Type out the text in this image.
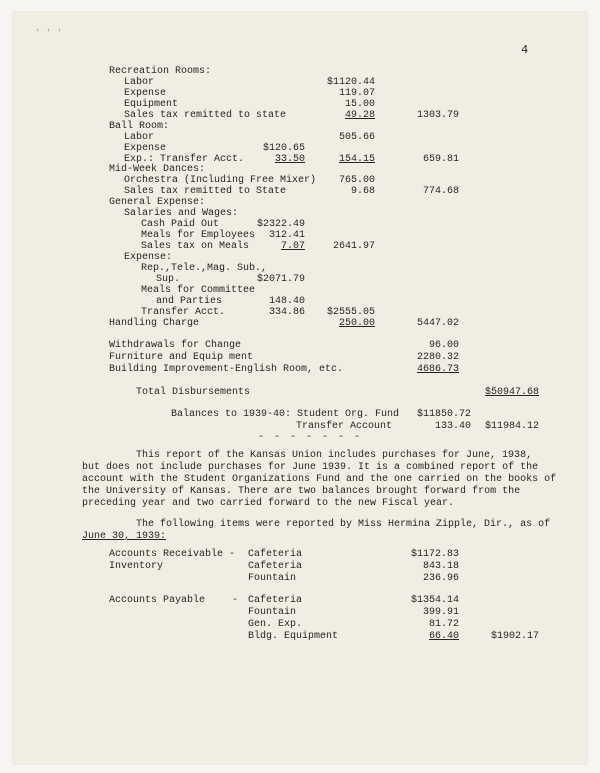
' ' '
4
Recreation Rooms:
Labor	$1120.44
Expense	119.07
Equipment	15.00
Sales tax remitted to state	49.28	1303.79
Ball Room:
Labor	505.66
Expense	$120.65
Exp.: Transfer Acct.	33.50	154.15	659.81
Mid-Week Dances:
Orchestra (Including Free Mixer) 765.00
Sales tax remitted to State	9.68	774.68
General Expense:
Salaries and Wages:
Cash Paid Out	$2322.49
Meals for Employees 312.41
Sales tax on Meals	7.07	2641.97
Expense:
Rep.,Tele.,Mag. Sub.,
Sup.	$2071.79
Meals for Committee
and Parties	148.40
Transfer Acct.	334.86 $2555.05
Handling Charge	250.00	5447.02
Withdrawals for Change	96.00
Furniture and Equip ment	2280.32
Building Improvement-English Room, etc.	4686.73
Total Disbursements	$50947.68
Balances to 1939-40: Student Org. Fund $11850.72
Transfer Account	133.40 $11984.12
- - - - - - -
This report of the Kansas Union includes purchases for June, 1938,
but does not include purchases for June 1939. It is a combined report of the
account with the Student Organizations Fund and the one carried on the books of
the University of Kansas. There are two balances brought forward from the
preceding year and two carried forward to the new Fiscal year.
The following items were reported by Miss Hermina Zipple, Dir., as of
June 30, 1939:
Accounts Receivable - Cafeteria	$1172.83
Inventory	Cafeteria	843.18
Fountain	236.96
Accounts Payable	- Cafeteria	$1354.14
Fountain	399.91
Gen. Exp.	81.72
Bldg. Equipment	66.40	$1902.17
